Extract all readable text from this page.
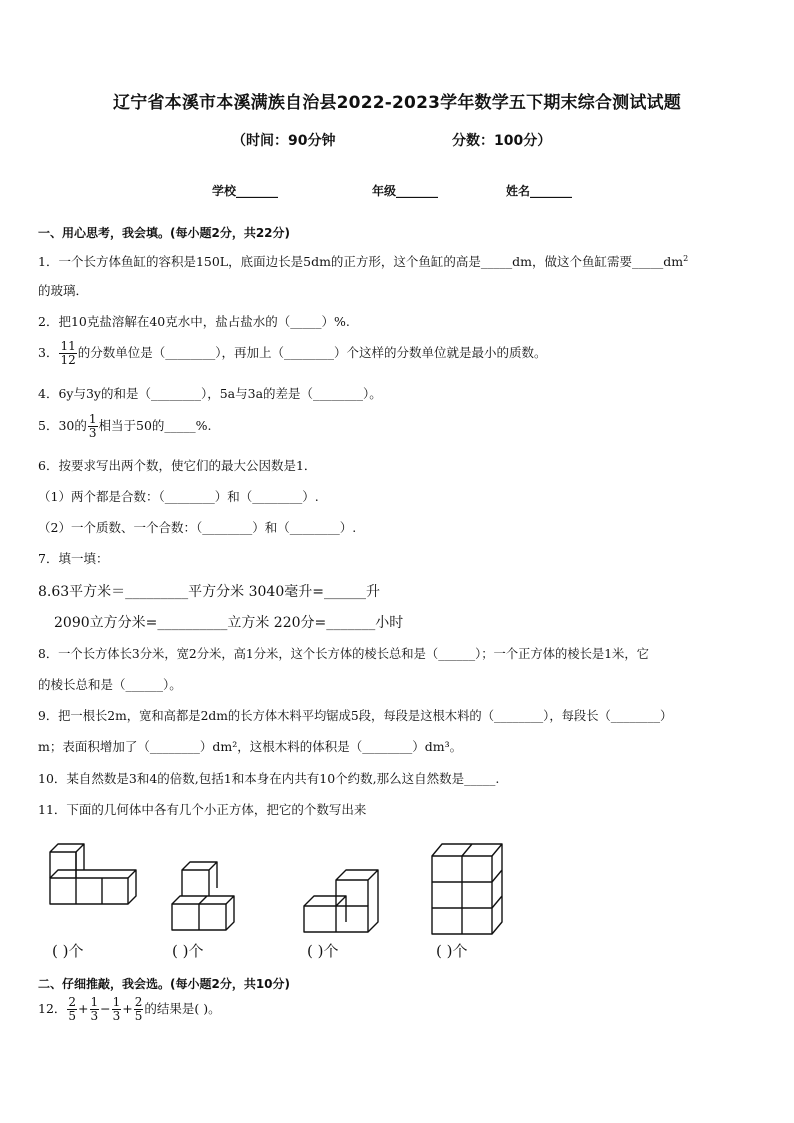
辽宁省本溪市本溪满族自治县2022-2023学年数学五下期末综合测试试题
（时间：90分钟	分数：100分）
学校_______	年级_______	姓名_______
一、用心思考，我会填。(每小题2分，共22分)
1．一个长方体鱼缸的容积是150L，底面边长是5dm的正方形，这个鱼缸的高是_____dm，做这个鱼缸需要$\_\_\_\_\_dm^2$
的玻璃．
2．把10克盐溶解在40克水中，盐占盐水的（_____）%.
3． $\frac{11}{12}$ 的分数单位是（________），再加上（________）个这样的分数单位就是最小的质数。
4．6y与3y的和是（________），5a与3a的差是（________）。
5．30的 $\frac{1}{3}$ 相当于50的_____%.
6．按要求写出两个数，使它们的最大公因数是1．
（1）两个都是合数：（________）和（________）.
（2）一个质数、一个合数：（________）和（________）.
7．填一填：
8.63平方米＝_________平方分米 3040毫升=______升
2090立方分米=__________立方米 220分=_______小时
8．一个长方体长3分米，宽2分米，高1分米，这个长方体的棱长总和是（______）；一个正方体的棱长是1米，它
的棱长总和是（______）。
9．把一根长2m，宽和高都是2dm的长方体木料平均锯成5段，每段是这根木料的（________），每段长（________）
m；表面积增加了（________）dm²，这根木料的体积是（________）dm³。
10．某自然数是3和4的倍数,包括1和本身在内共有10个约数,那么这自然数是_____.
11．下面的几何体中各有几个小正方体，把它的个数写出来
( )个	( )个	( )个	( )个
二、仔细推敲，我会选。(每小题2分，共10分)
12． $\frac{2}{5} + \frac{1}{3} - \frac{1}{3} + \frac{2}{5}$ 的结果是( )。
